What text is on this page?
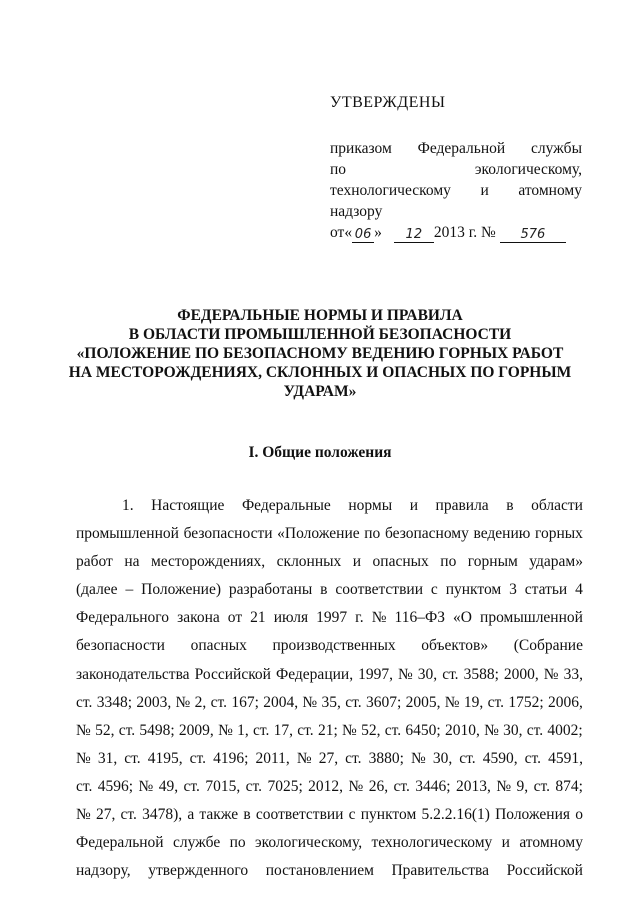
УТВЕРЖДЕНЫ
приказом Федеральной службы
по	экологическому,
технологическому и атомному
надзору
от« 06 »	12 2013 г. №	576
ФЕДЕРАЛЬНЫЕ НОРМЫ И ПРАВИЛА
В ОБЛАСТИ ПРОМЫШЛЕННОЙ БЕЗОПАСНОСТИ
«ПОЛОЖЕНИЕ ПО БЕЗОПАСНОМУ ВЕДЕНИЮ ГОРНЫХ РАБОТ
НА МЕСТОРОЖДЕНИЯХ, СКЛОННЫХ И ОПАСНЫХ ПО ГОРНЫМ
УДАРАМ»
I. Общие положения
1. Настоящие Федеральные нормы и правила в области
промышленной безопасности «Положение по безопасному ведению горных
работ на месторождениях, склонных и опасных по горным ударам»
(далее – Положение) разработаны в соответствии с пунктом 3 статьи 4
Федерального закона от 21 июля 1997 г. № 116–ФЗ «О промышленной
безопасности опасных производственных объектов» (Собрание
законодательства Российской Федерации, 1997, № 30, ст. 3588; 2000, № 33,
ст. 3348; 2003, № 2, ст. 167; 2004, № 35, ст. 3607; 2005, № 19, ст. 1752; 2006,
№ 52, ст. 5498; 2009, № 1, ст. 17, ст. 21; № 52, ст. 6450; 2010, № 30, ст. 4002;
№ 31, ст. 4195, ст. 4196; 2011, № 27, ст. 3880; № 30, ст. 4590, ст. 4591,
ст. 4596; № 49, ст. 7015, ст. 7025; 2012, № 26, ст. 3446; 2013, № 9, ст. 874;
№ 27, ст. 3478), а также в соответствии с пунктом 5.2.2.16(1) Положения о
Федеральной службе по экологическому, технологическому и атомному
надзору, утвержденного постановлением Правительства Российской
